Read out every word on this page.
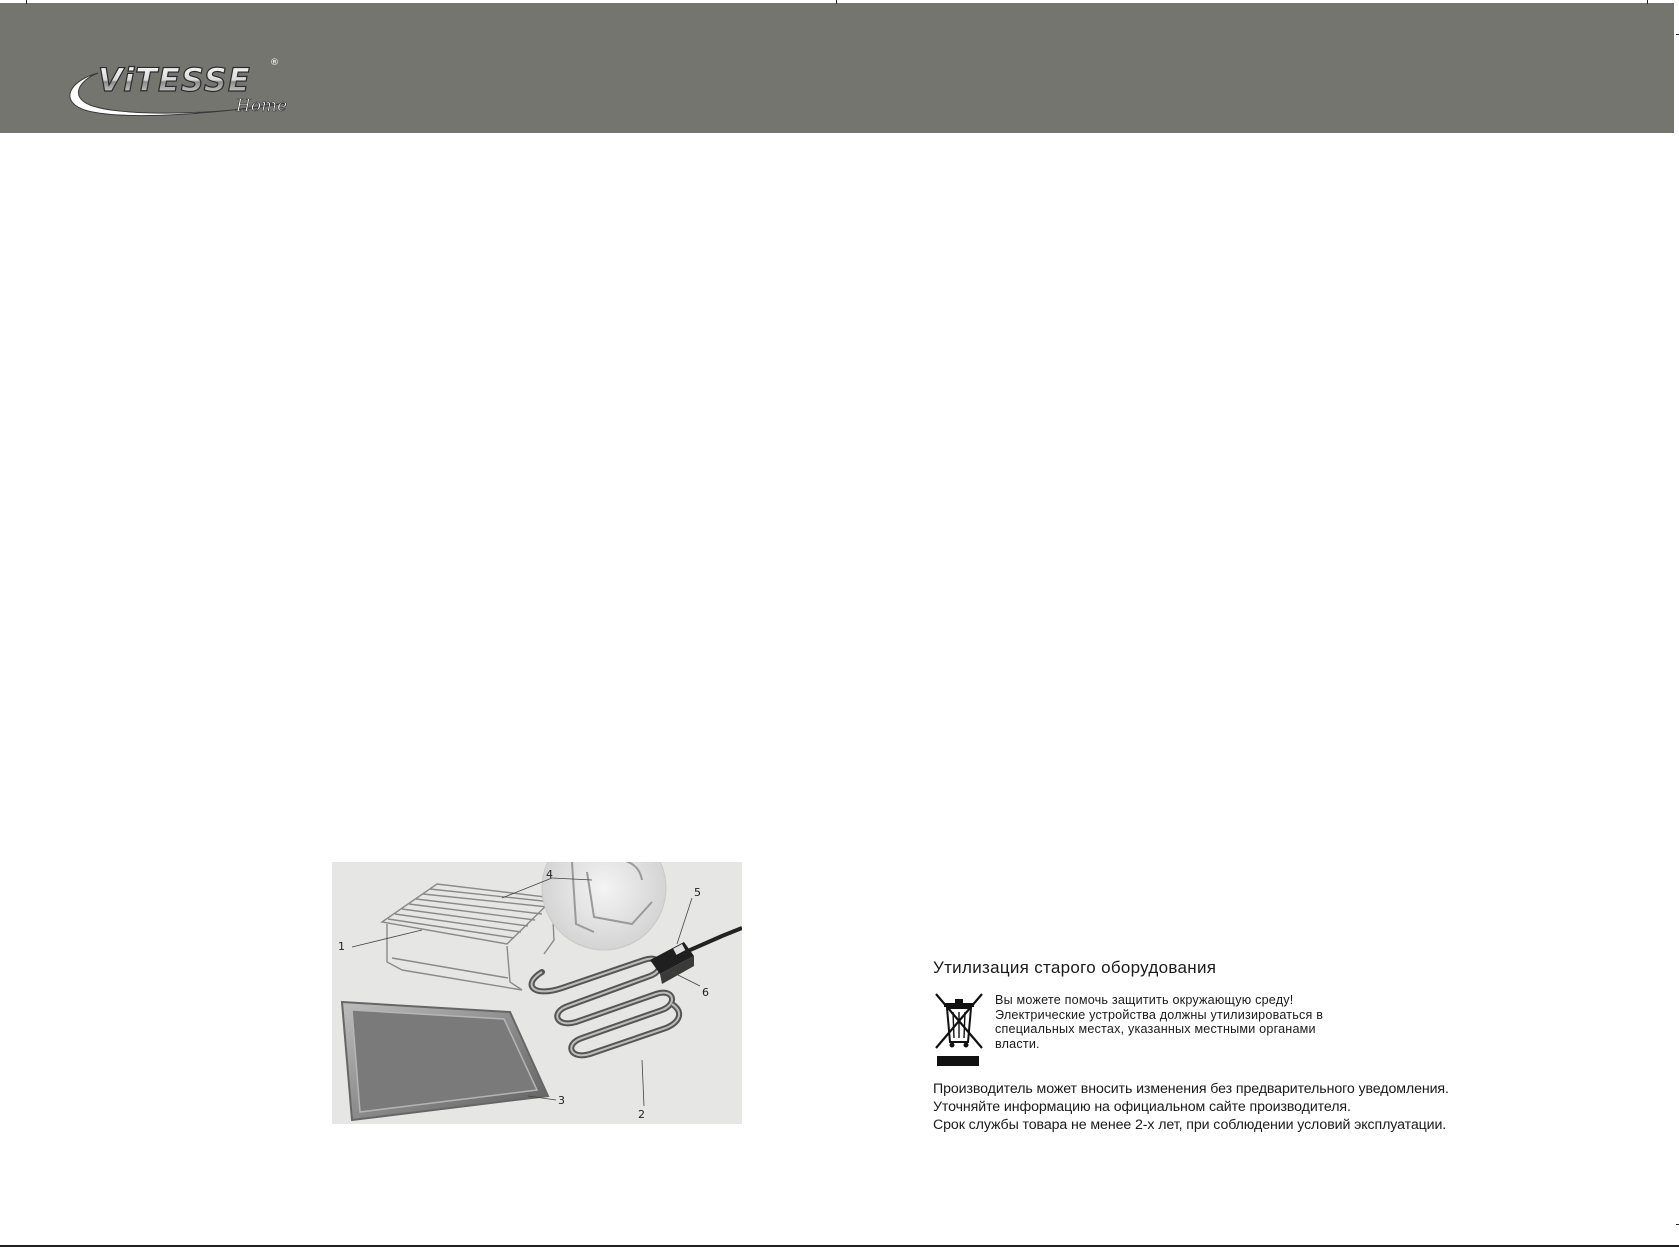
ViTESSE ®
Home
1
2
3
4
5
6
Утилизация старого оборудования
Вы можете помочь защитить окружающую среду!
Электрические устройства должны утилизироваться в
специальных местах, указанных местными органами
власти.
Производитель может вносить изменения без предварительного уведомления.
Уточняйте информацию на официальном сайте производителя.
Срок службы товара не менее 2-х лет, при соблюдении условий эксплуатации.
